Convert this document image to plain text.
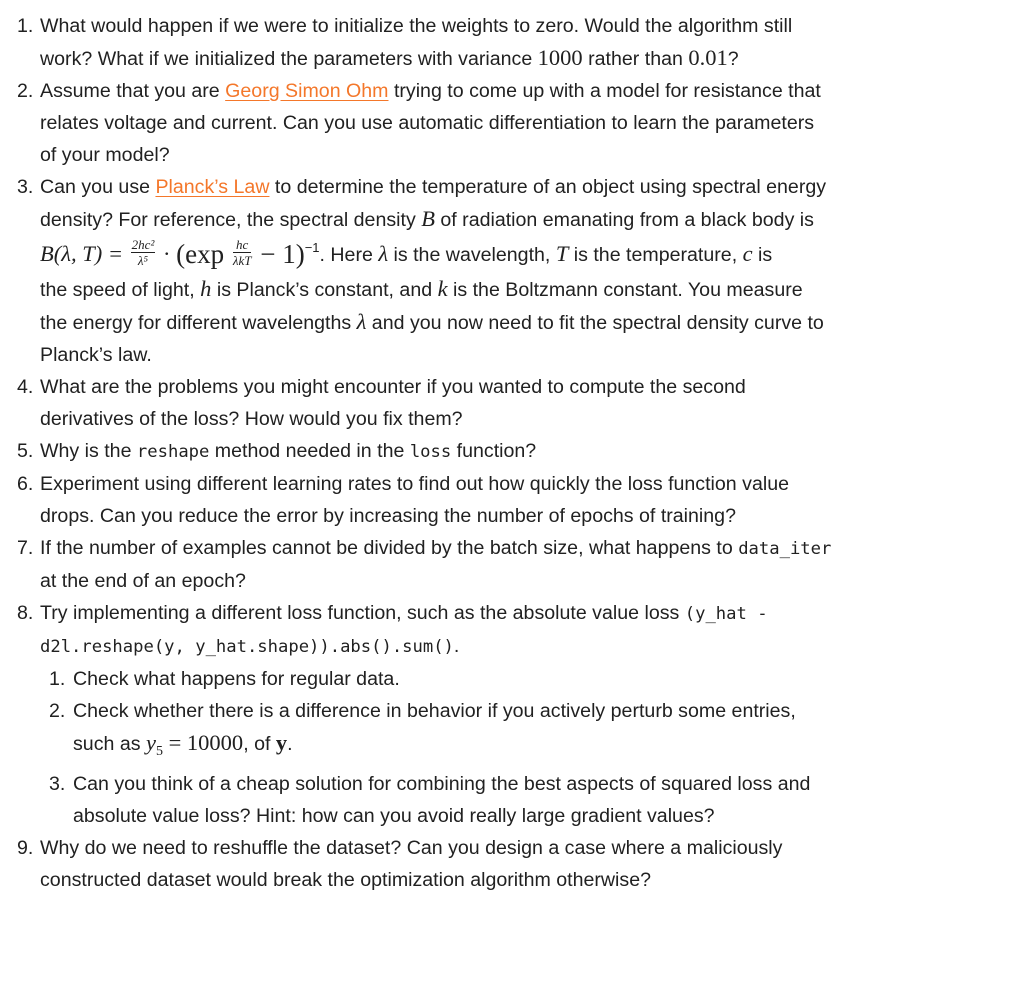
1. What would happen if we were to initialize the weights to zero. Would the algorithm still
work? What if we initialized the parameters with variance 1000 rather than 0.01?
2. Assume that you are Georg Simon Ohm trying to come up with a model for resistance that
relates voltage and current. Can you use automatic differentiation to learn the parameters
of your model?
3. Can you use Planck’s Law to determine the temperature of an object using spectral energy
density? For reference, the spectral density B of radiation emanating from a black body is
B(λ, $T) = \frac{\text{2hc²}}{\text{λ⁵}} \cdot (\exp \frac{hc}{\text{λkT}} - 1)^{-1}$. Here λ is the wavelength, T is the temperature, c is
the speed of light, h is Planck’s constant, and k is the Boltzmann constant. You measure
the energy for different wavelengths λ and you now need to fit the spectral density curve to
Planck’s law.
4. What are the problems you might encounter if you wanted to compute the second
derivatives of the loss? How would you fix them?
5. Why is the reshape method needed in the loss function?
6. Experiment using different learning rates to find out how quickly the loss function value
drops. Can you reduce the error by increasing the number of epochs of training?
7. If the number of examples cannot be divided by the batch size, what happens to data_iter
at the end of an epoch?
8. Try implementing a different loss function, such as the absolute value loss (y_hat -
d2l.reshape(y, y_hat.shape)).abs().sum().
1. Check what happens for regular data.
2. Check whether there is a difference in behavior if you actively perturb some entries,
such as $y_5 = 10000$, of y.
3. Can you think of a cheap solution for combining the best aspects of squared loss and
absolute value loss? Hint: how can you avoid really large gradient values?
9. Why do we need to reshuffle the dataset? Can you design a case where a maliciously
constructed dataset would break the optimization algorithm otherwise?
